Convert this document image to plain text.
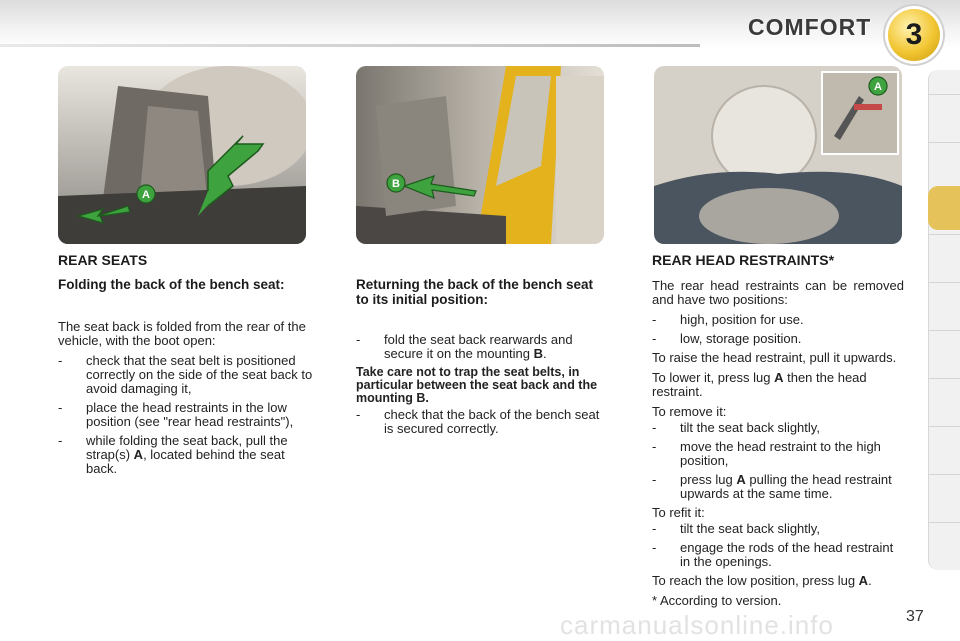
COMFORT 3
A
B
A
REAR SEATS
Folding the back of the bench seat:

The seat back is folded from the rear of the vehicle, with the boot open:

- check that the seat belt is positioned correctly on the side of the seat back to avoid damaging it,
- place the head restraints in the low position (see "rear head restraints"),
- while folding the seat back, pull the strap(s) A, located behind the seat back.
Returning the back of the bench seat to its initial position:
- fold the seat back rearwards and secure it on the mounting B.

Take care not to trap the seat belts, in particular between the seat back and the mounting B.

- check that the back of the bench seat is secured correctly.
REAR HEAD RESTRAINTS*

The rear head restraints can be removed and have two positions:

- high, position for use.
- low, storage position.

To raise the head restraint, pull it upwards.

To lower it, press lug A then the head restraint.

To remove it:

- tilt the seat back slightly,
- move the head restraint to the high position,
- press lug A pulling the head restraint upwards at the same time.

To refit it:

- tilt the seat back slightly,
- engage the rods of the head restraint in the openings.

To reach the low position, press lug A.

* According to version.

carmanualsonline.info	37
